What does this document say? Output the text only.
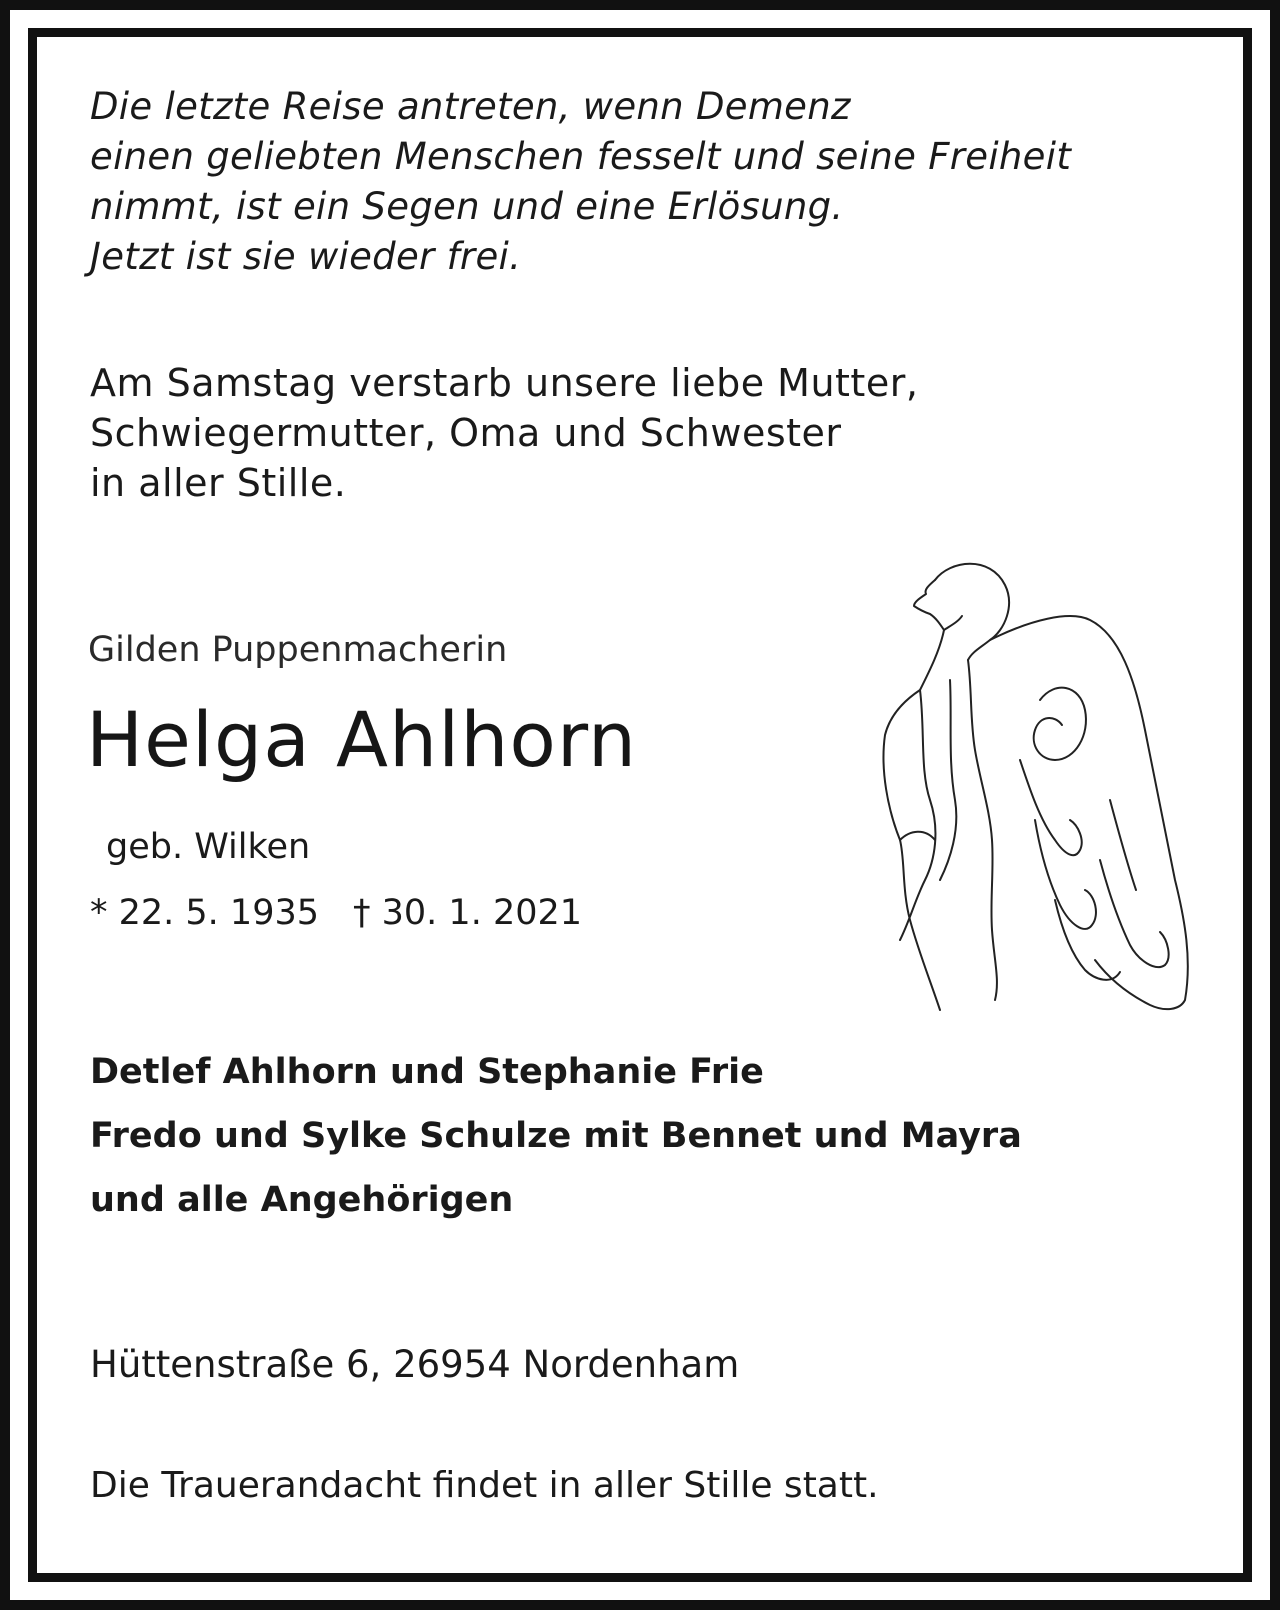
Die letzte Reise antreten, wenn Demenz
einen geliebten Menschen fesselt und seine Freiheit
nimmt, ist ein Segen und eine Erlösung.
Jetzt ist sie wieder frei.
Am Samstag verstarb unsere liebe Mutter,
Schwiegermutter, Oma und Schwester
in aller Stille.
Gilden Puppenmacherin
Helga Ahlhorn
geb. Wilken
* 22. 5. 1935 † 30. 1. 2021
Detlef Ahlhorn und Stephanie Frie
Fredo und Sylke Schulze mit Bennet und Mayra
und alle Angehörigen
Hüttenstraße 6, 26954 Nordenham
Die Trauerandacht findet in aller Stille statt.
